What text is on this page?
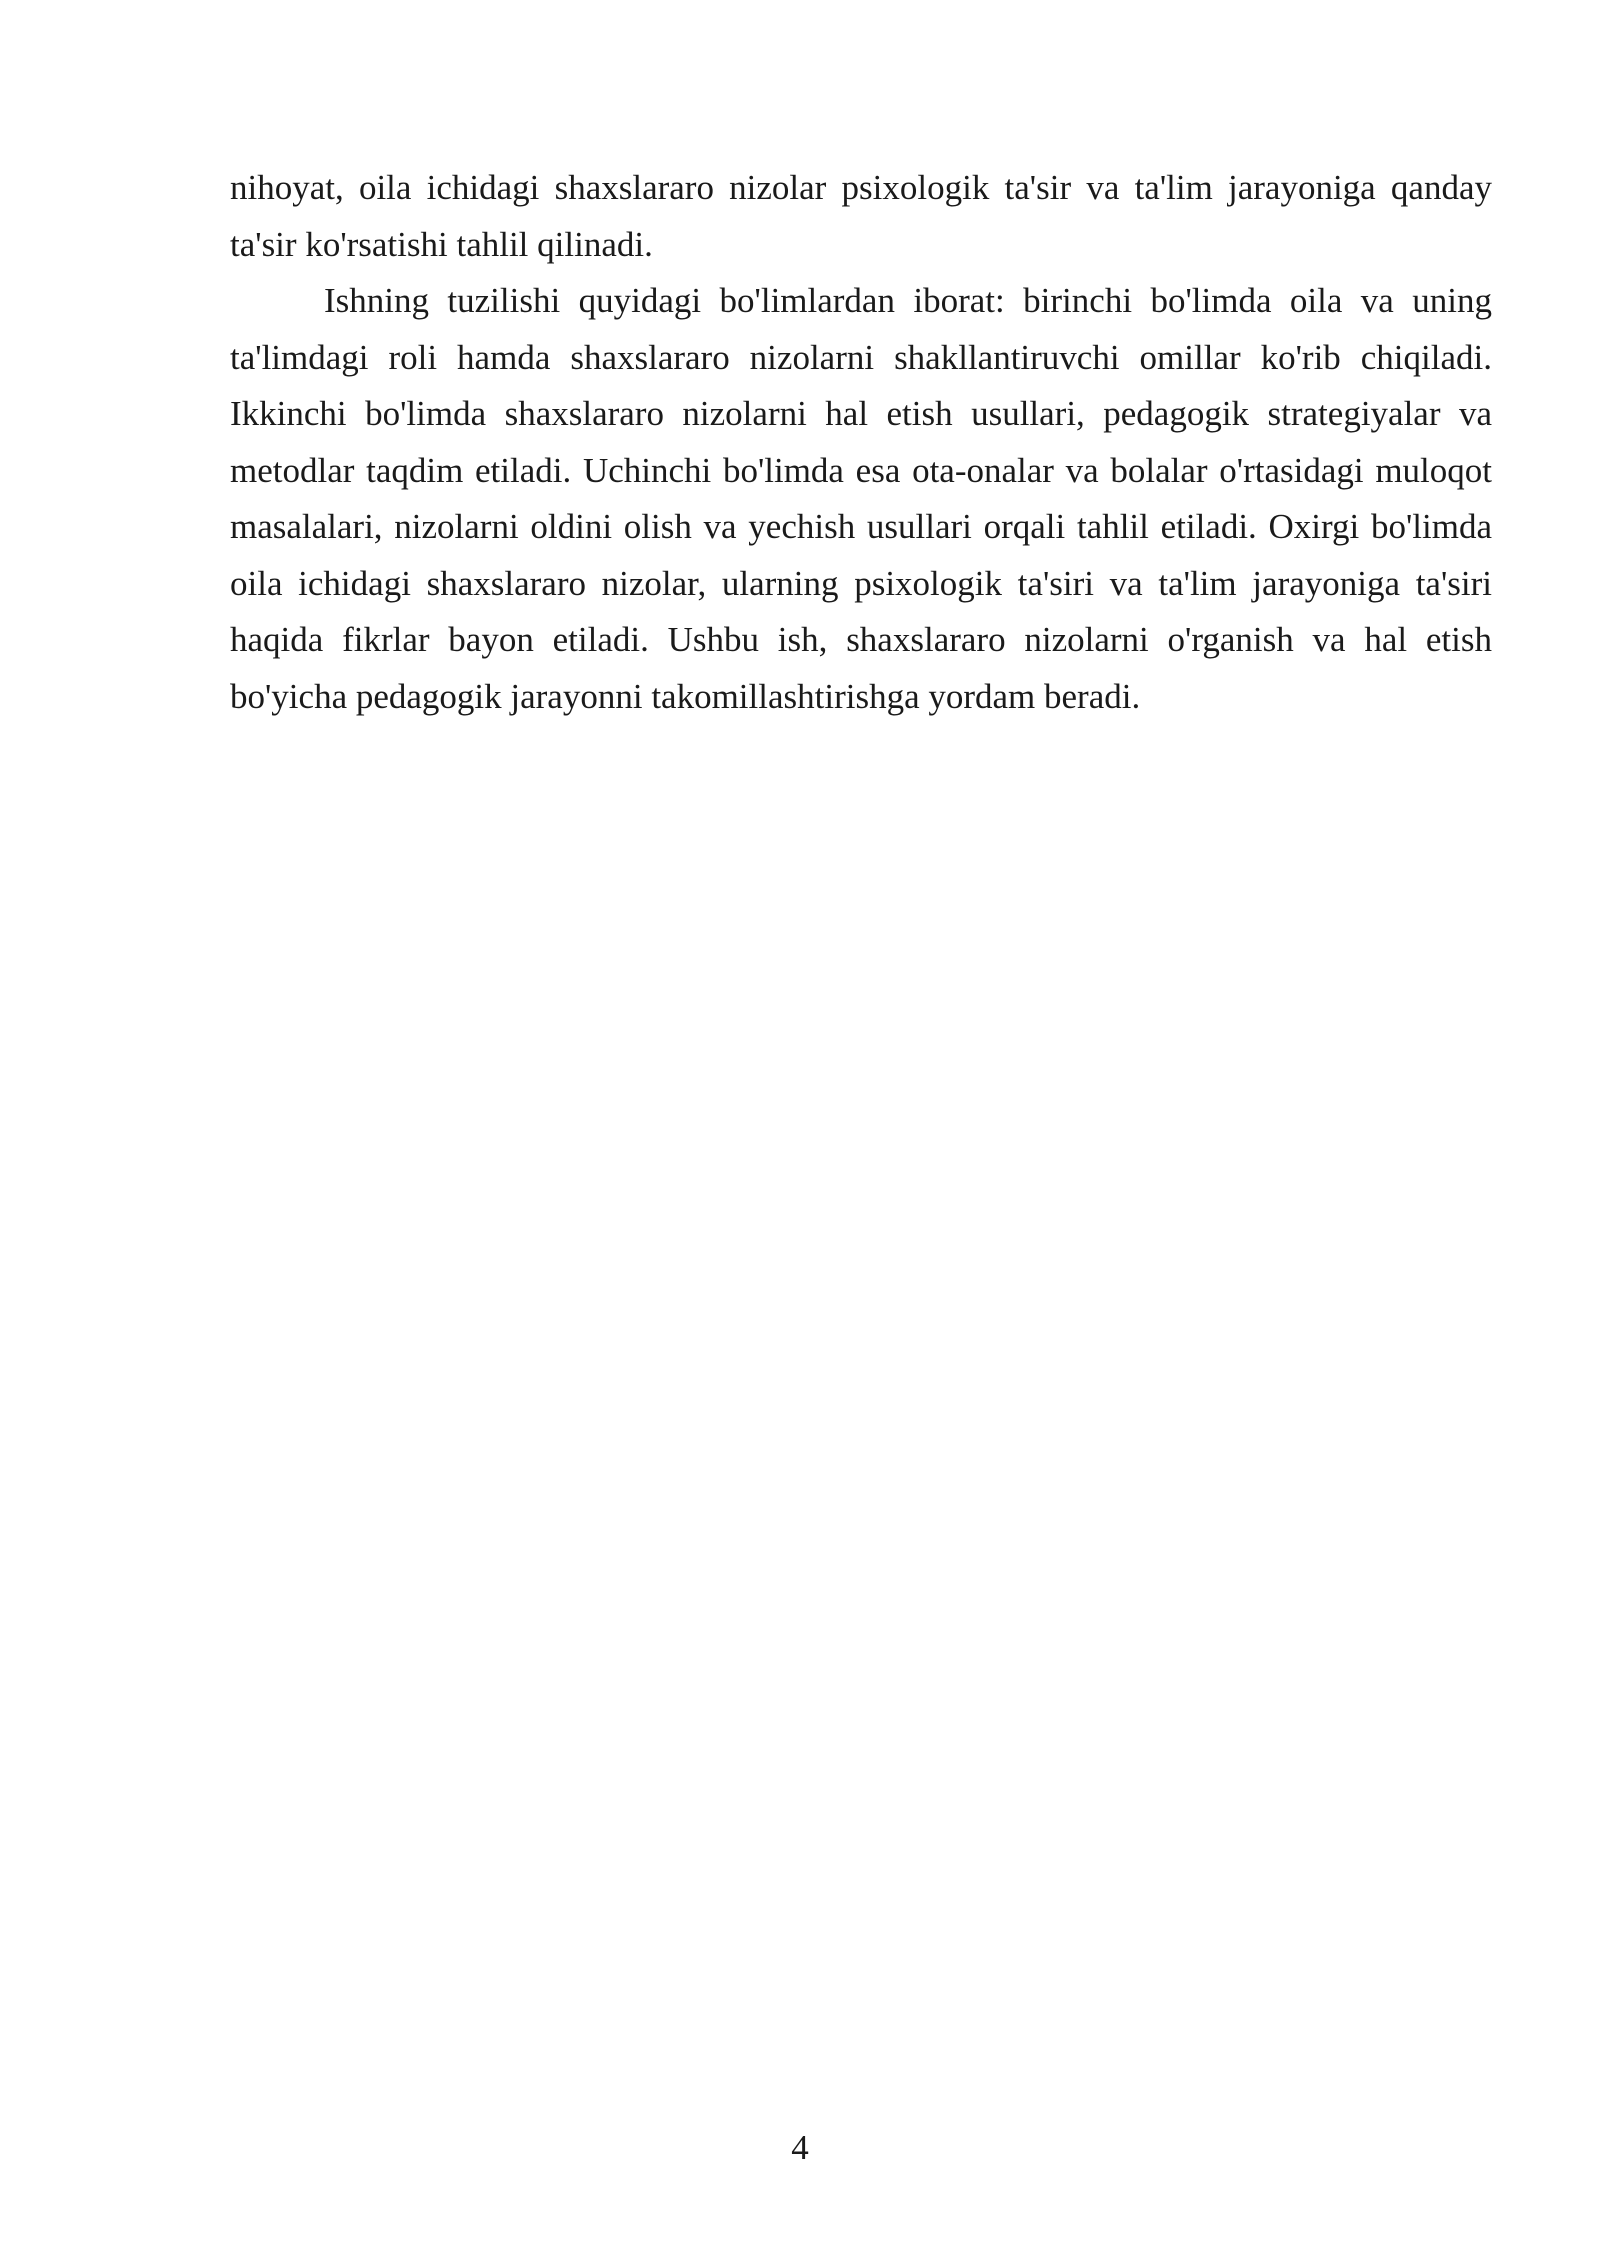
nihoyat, oila ichidagi shaxslararo nizolar psixologik ta'sir va ta'lim jarayoniga qanday ta'sir ko'rsatishi tahlil qilinadi.

Ishning tuzilishi quyidagi bo'limlardan iborat: birinchi bo'limda oila va uning ta'limdagi roli hamda shaxslararo nizolarni shakllantiruvchi omillar ko'rib chiqiladi. Ikkinchi bo'limda shaxslararo nizolarni hal etish usullari, pedagogik strategiyalar va metodlar taqdim etiladi. Uchinchi bo'limda esa ota-onalar va bolalar o'rtasidagi muloqot masalalari, nizolarni oldini olish va yechish usullari orqali tahlil etiladi. Oxirgi bo'limda oila ichidagi shaxslararo nizolar, ularning psixologik ta'siri va ta'lim jarayoniga ta'siri haqida fikrlar bayon etiladi. Ushbu ish, shaxslararo nizolarni o'rganish va hal etish bo'yicha pedagogik jarayonni takomillashtirishga yordam beradi.

4
